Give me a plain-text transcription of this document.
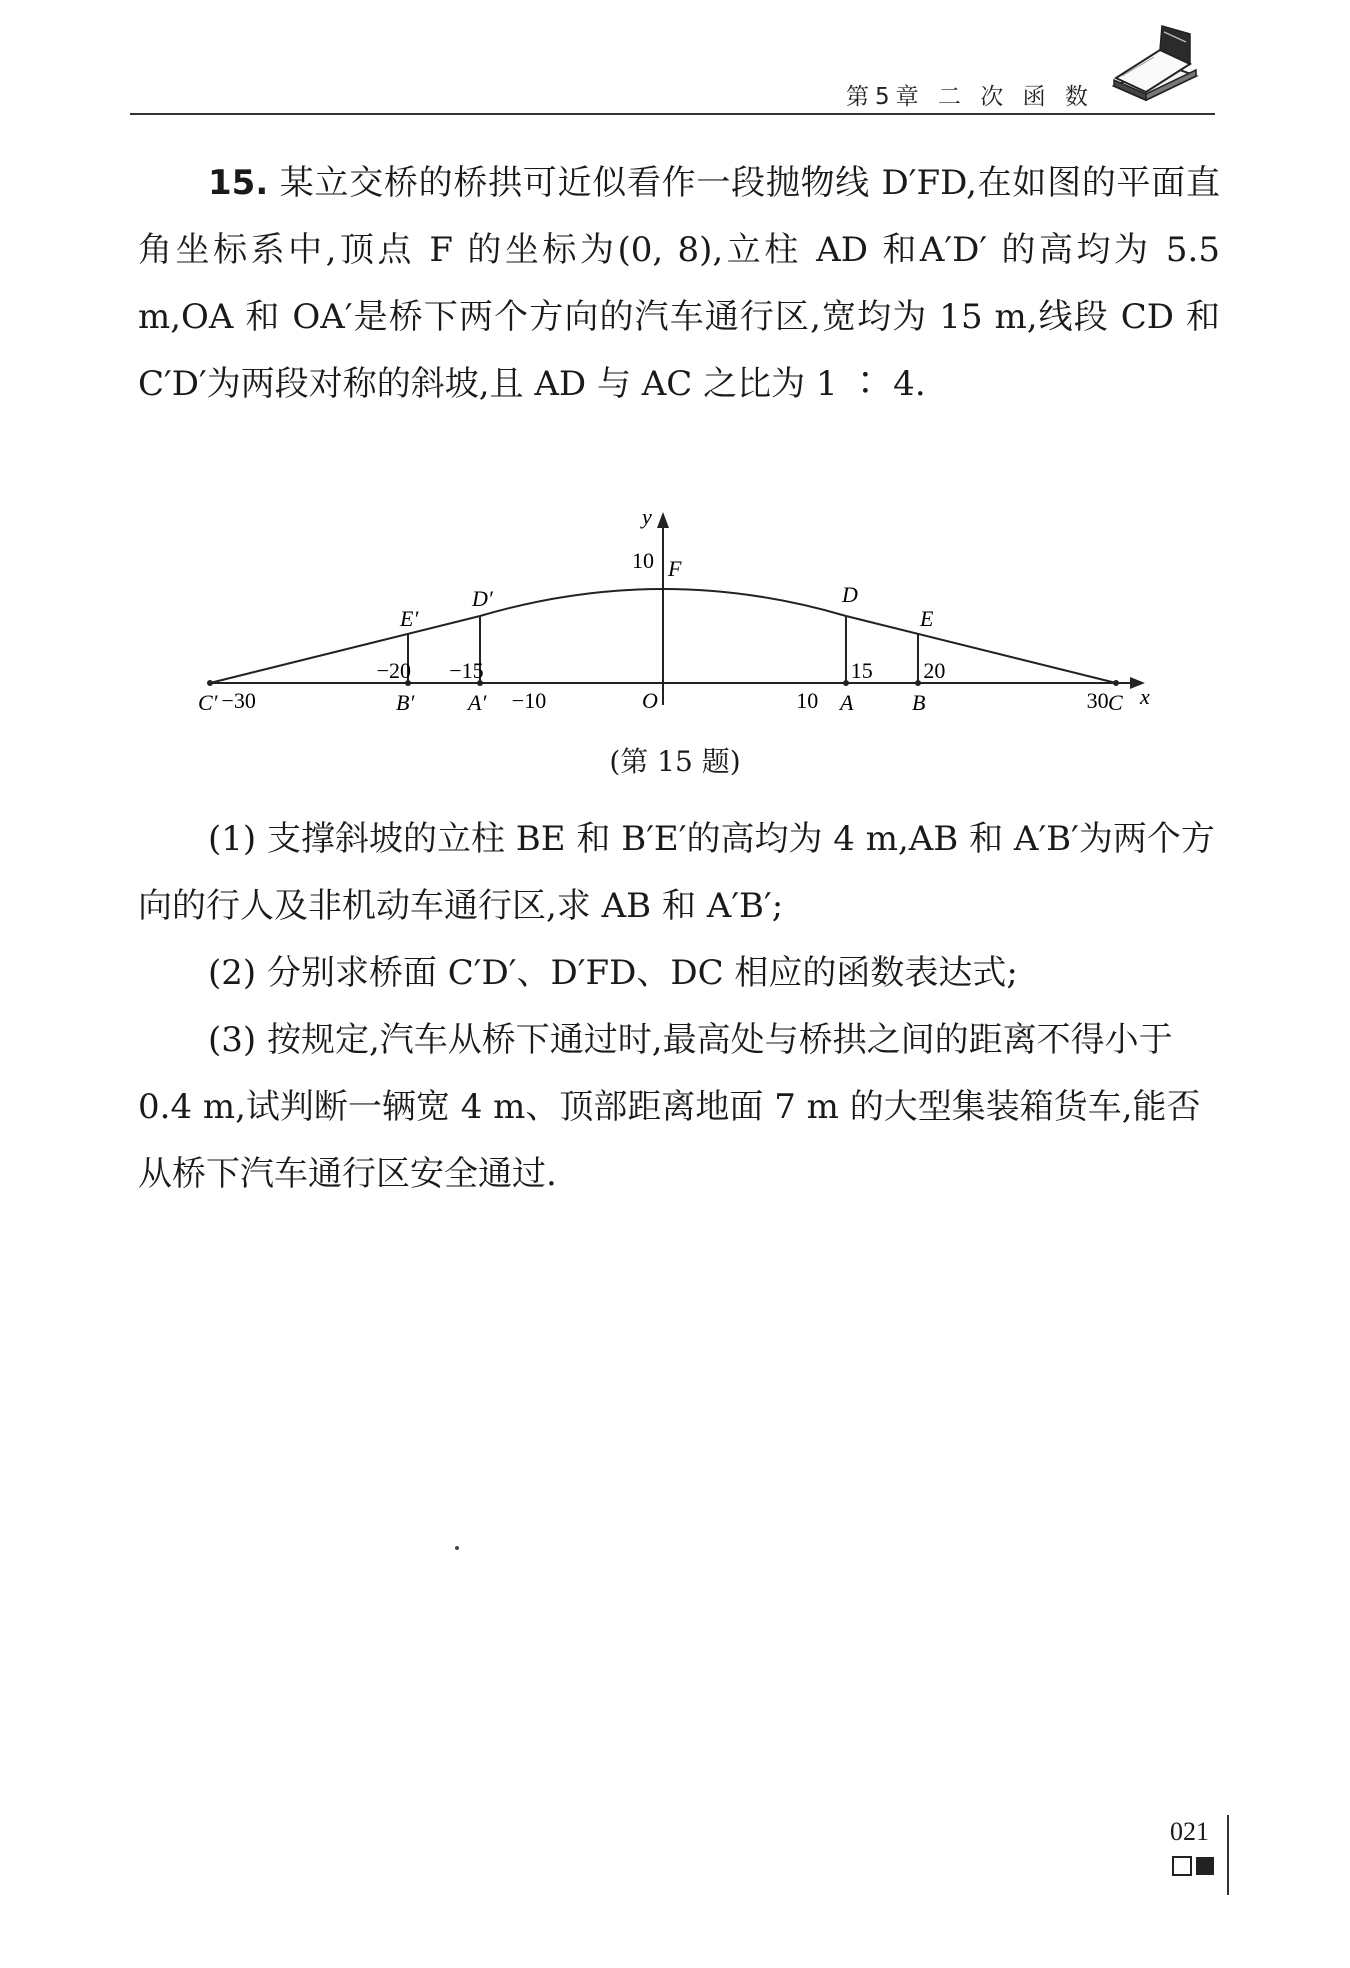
第5章 二 次 函 数

15. 某立交桥的桥拱可近似看作一段抛物线 D′FD,在如图的平面直角坐标系中,顶点 F 的坐标为(0, 8),立柱 AD 和A′D′ 的高均为 5.5 m,OA 和 OA′是桥下两个方向的汽车通行区,宽均为 15 m,线段 CD 和C′D′为两段对称的斜坡,且 AD 与 AC 之比为 1 ∶ 4.

−30
−20 −15
−10	10
15 20
30
10
x
y
O
C′	B′ A′	A	B	C
E′
D′
F
D
E
(第 15 题)

(1) 支撑斜坡的立柱 BE 和 B′E′的高均为 4 m,AB 和 A′B′为两个方向的行人及非机动车通行区,求 AB 和 A′B′;

(2) 分别求桥面 C′D′、D′FD、DC 相应的函数表达式;

(3) 按规定,汽车从桥下通过时,最高处与桥拱之间的距离不得小于 0.4 m,试判断一辆宽 4 m、顶部距离地面 7 m 的大型集装箱货车,能否从桥下汽车通行区安全通过.

021
